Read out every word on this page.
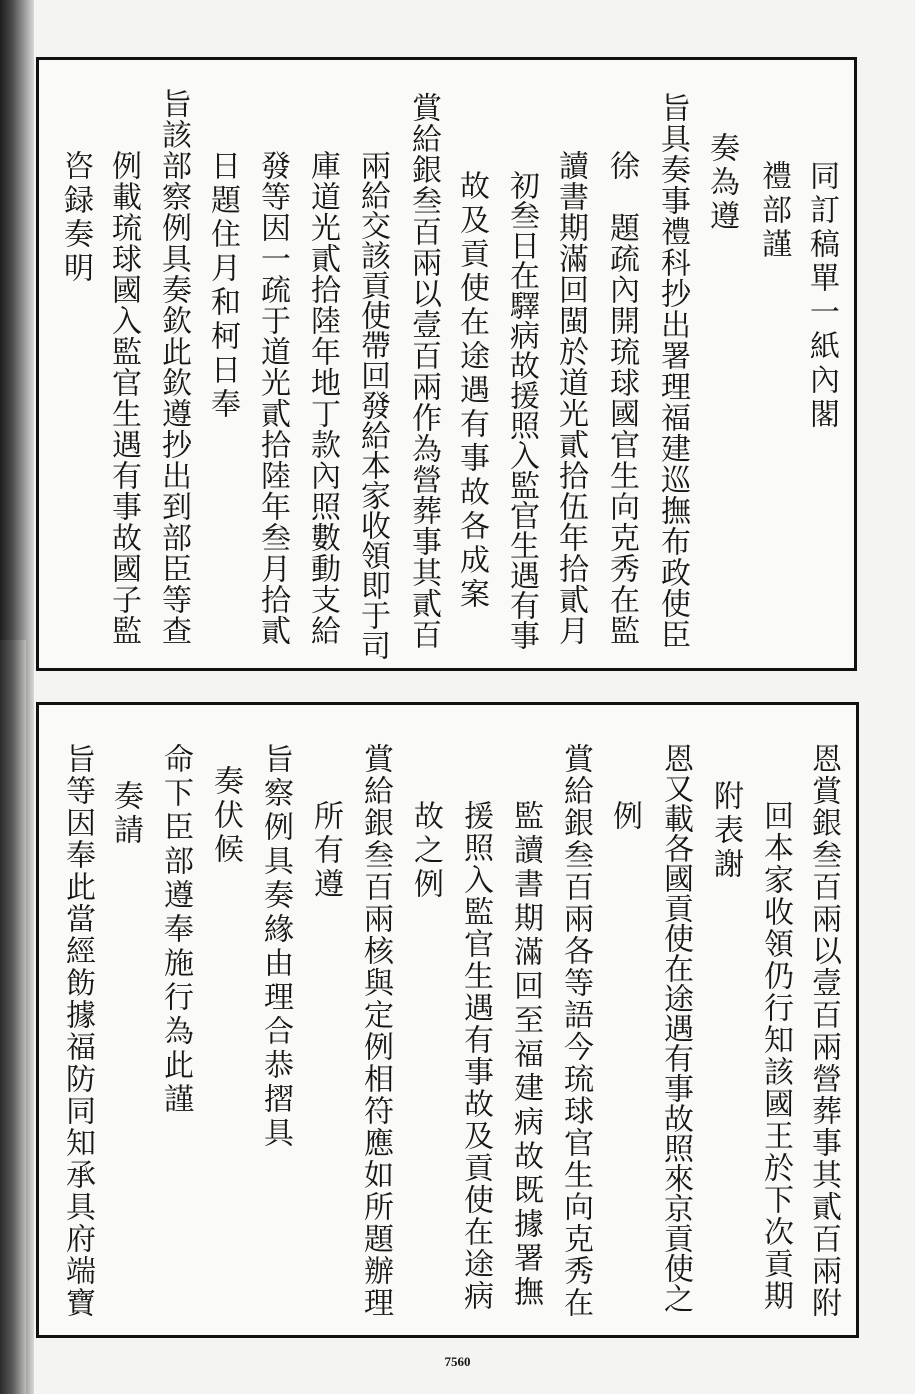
同訂稿單一紙內閣
禮部謹
奏為遵
旨具奏事禮科抄出署理福建巡撫布政使臣
徐　題疏內開琉球國官生向克秀在監
讀書期滿回閩於道光貳拾伍年拾貳月
初叁日在驛病故援照入監官生遇有事
故及貢使在途遇有事故各成案
賞給銀叁百兩以壹百兩作為營葬事其貳百
兩給交該貢使帶回發給本家收領即于司
庫道光貳拾陸年地丁款內照數動支給
發等因一疏于道光貳拾陸年叁月拾貳
日題住月和柯日奉
旨該部察例具奏欽此欽遵抄出到部臣等查
例載琉球國入監官生遇有事故國子監
咨録奏明
恩賞銀叁百兩以壹百兩營葬事其貳百兩附
回本家收領仍行知該國王於下次貢期
附表謝
恩又載各國貢使在途遇有事故照來京貢使之
例
賞給銀叁百兩各等語今琉球官生向克秀在
監讀書期滿回至福建病故既據署撫
援照入監官生遇有事故及貢使在途病
故之例
賞給銀叁百兩核與定例相符應如所題辦理
所有遵
旨察例具奏緣由理合恭摺具
奏伏候
命下臣部遵奉施行為此謹
奏請
旨等因奉此當經飭據福防同知承具府端寶
7560
